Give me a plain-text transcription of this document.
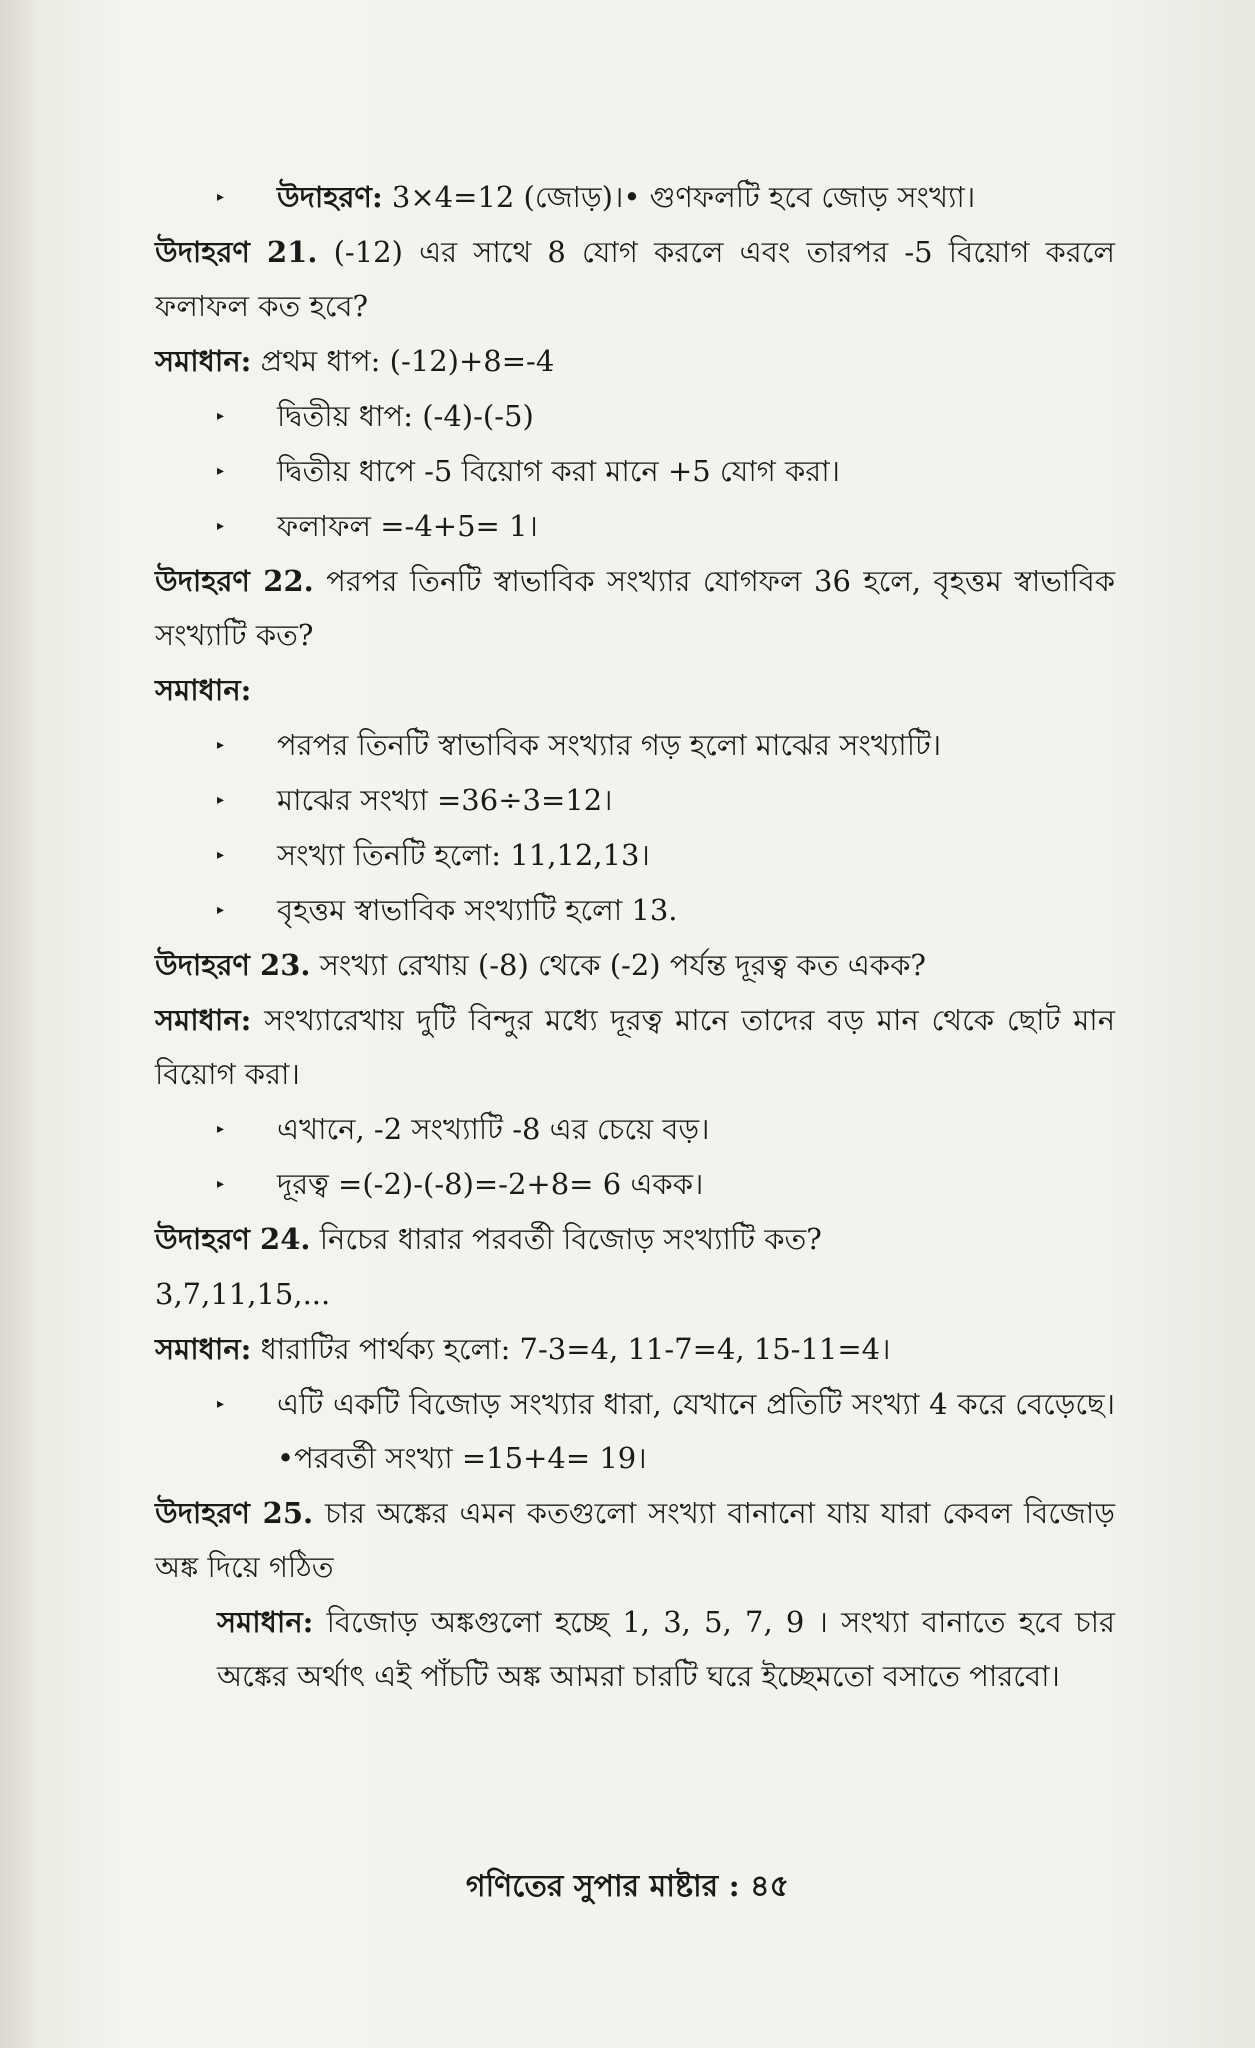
▸	উদাহরণ: 3×4=12 (জোড়)।• গুণফলটি হবে জোড় সংখ্যা।
উদাহরণ 21. (-12) এর সাথে 8 যোগ করলে এবং তারপর -5 বিয়োগ করলে ফলাফল কত হবে?
সমাধান: প্রথম ধাপ: (-12)+8=-4
▸	দ্বিতীয় ধাপ: (-4)-(-5)
▸	দ্বিতীয় ধাপে -5 বিয়োগ করা মানে +5 যোগ করা।
▸	ফলাফল =-4+5= 1।
উদাহরণ 22. পরপর তিনটি স্বাভাবিক সংখ্যার যোগফল 36 হলে, বৃহত্তম স্বাভাবিক সংখ্যাটি কত?
সমাধান:
▸	পরপর তিনটি স্বাভাবিক সংখ্যার গড় হলো মাঝের সংখ্যাটি।
▸	মাঝের সংখ্যা =36÷3=12।
▸	সংখ্যা তিনটি হলো: 11,12,13।
▸	বৃহত্তম স্বাভাবিক সংখ্যাটি হলো 13.
উদাহরণ 23. সংখ্যা রেখায় (-8) থেকে (-2) পর্যন্ত দূরত্ব কত একক?
সমাধান: সংখ্যারেখায় দুটি বিন্দুর মধ্যে দূরত্ব মানে তাদের বড় মান থেকে ছোট মান বিয়োগ করা।
▸	এখানে, -2 সংখ্যাটি -8 এর চেয়ে বড়।
▸	দূরত্ব =(-2)-(-8)=-2+8= 6 একক।
উদাহরণ 24. নিচের ধারার পরবর্তী বিজোড় সংখ্যাটি কত?
3,7,11,15,...
সমাধান: ধারাটির পার্থক্য হলো: 7-3=4, 11-7=4, 15-11=4।
▸	এটি একটি বিজোড় সংখ্যার ধারা, যেখানে প্রতিটি সংখ্যা 4 করে বেড়েছে। •পরবর্তী সংখ্যা =15+4= 19।
উদাহরণ 25. চার অঙ্কের এমন কতগুলো সংখ্যা বানানো যায় যারা কেবল বিজোড় অঙ্ক দিয়ে গঠিত
সমাধান: বিজোড় অঙ্কগুলো হচ্ছে 1, 3, 5, 7, 9 । সংখ্যা বানাতে হবে চার অঙ্কের অর্থাৎ এই পাঁচটি অঙ্ক আমরা চারটি ঘরে ইচ্ছেমতো বসাতে পারবো।
গণিতের সুপার মাষ্টার : ৪৫
